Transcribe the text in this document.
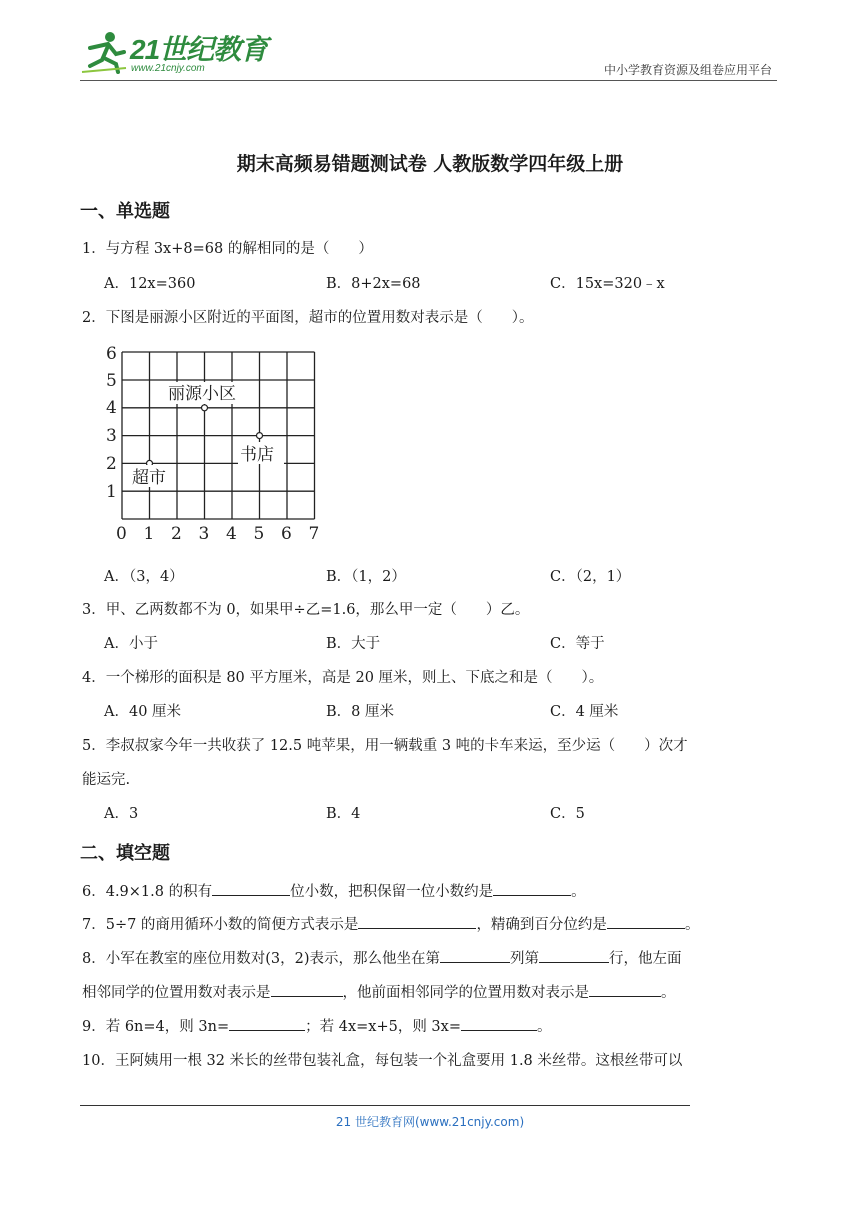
21世纪教育
www.21cnjy.com	中小学教育资源及组卷应用平台
期末高频易错题测试卷 人教版数学四年级上册
一、单选题
1．与方程 3x+8=68 的解相同的是（　　）
A．12x=360	B．8+2x=68	C．15x=320﹣x
2．下图是丽源小区附近的平面图，超市的位置用数对表示是（　　）。
丽源小区
超市
书店
1
2
3
4
5
6
0 1 2 3 4 5 6 7
A．（3，4）	B．（1，2）	C．（2，1）
3．甲、乙两数都不为 0，如果甲÷乙=1.6，那么甲一定（　　）乙。
A．小于	B．大于	C．等于
4．一个梯形的面积是 80 平方厘米，高是 20 厘米，则上、下底之和是（　　）。
A．40 厘米	B．8 厘米	C．4 厘米
5．李叔叔家今年一共收获了 12.5 吨苹果，用一辆载重 3 吨的卡车来运，至少运（　　）次才
能运完.
A．3	B．4	C．5
二、填空题
6．4.9×1.8 的积有	位小数，把积保留一位小数约是	。
7．5÷7 的商用循环小数的简便方式表示是	，精确到百分位约是	。
8．小军在教室的座位用数对(3，2)表示，那么他坐在第	列第	行，他左面
相邻同学的位置用数对表示是	，他前面相邻同学的位置用数对表示是	。
9．若 6n=4，则 3n=	；若 4x=x+5，则 3x=	。
10．王阿姨用一根 32 米长的丝带包装礼盒，每包装一个礼盒要用 1.8 米丝带。这根丝带可以
21 世纪教育网(www.21cnjy.com)
